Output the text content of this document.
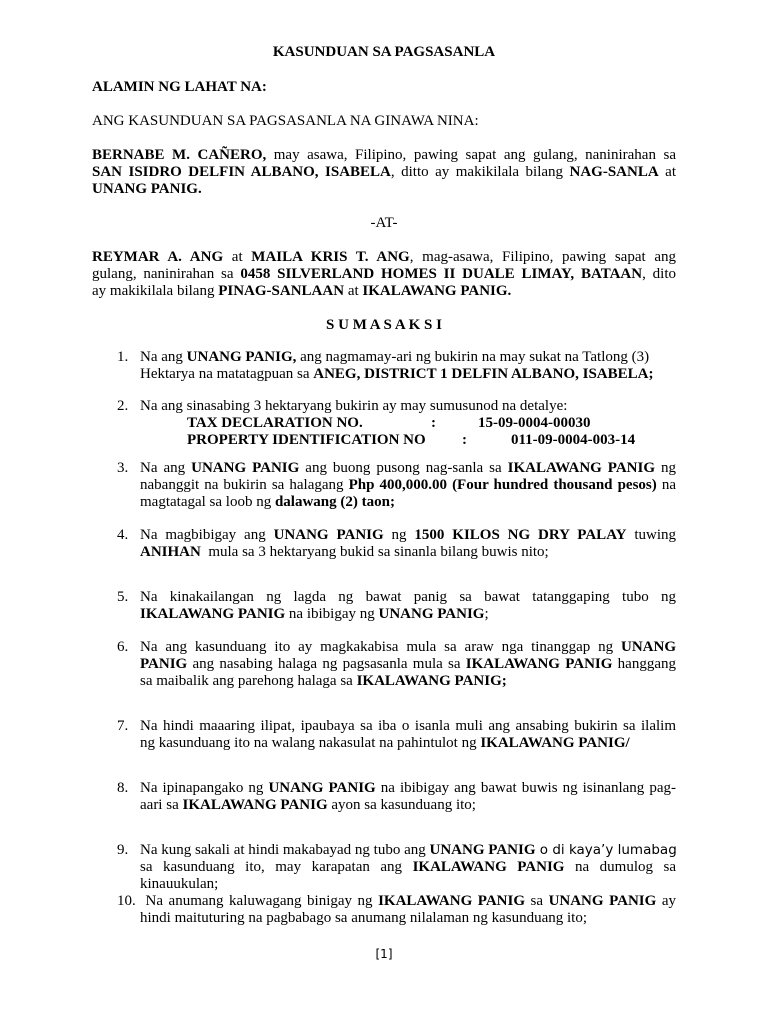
KASUNDUAN SA PAGSASANLA

ALAMIN NG LAHAT NA:

ANG KASUNDUAN SA PAGSASANLA NA GINAWA NINA:

BERNABE M. CAÑERO, may asawa, Filipino, pawing sapat ang gulang, naninirahan sa

SAN ISIDRO DELFIN ALBANO, ISABELA, ditto ay makikilala bilang NAG-SANLA at

UNANG PANIG.

-AT-

REYMAR A. ANG at MAILA KRIS T. ANG, mag-asawa, Filipino, pawing sapat ang

gulang, naninirahan sa 0458 SILVERLAND HOMES II DUALE LIMAY, BATAAN, dito

ay makikilala bilang PINAG-SANLAAN at IKALAWANG PANIG.

S U M A S A K S I

1. Na ang UNANG PANIG, ang nagmamay-ari ng bukirin na may sukat na Tatlong (3)

Hektarya na matatagpuan sa ANEG, DISTRICT 1 DELFIN ALBANO, ISABELA;

2. Na ang sinasabing 3 hektaryang bukirin ay may sumusunod na detalye:

TAX DECLARATION NO.	:	15-09-0004-00030

PROPERTY IDENTIFICATION NO :	011-09-0004-003-14

3. Na ang UNANG PANIG ang buong pusong nag-sanla sa IKALAWANG PANIG ng

nabanggit na bukirin sa halagang Php 400,000.00 (Four hundred thousand pesos) na

magtatagal sa loob ng dalawang (2) taon;

4. Na magbibigay ang UNANG PANIG ng 1500 KILOS NG DRY PALAY tuwing

ANIHAN  mula sa 3 hektaryang bukid sa sinanla bilang buwis nito;

5. Na kinakailangan ng lagda ng bawat panig sa bawat tatanggaping tubo ng

IKALAWANG PANIG na ibibigay ng UNANG PANIG;

6. Na ang kasunduang ito ay magkakabisa mula sa araw nga tinanggap ng UNANG

PANIG ang nasabing halaga ng pagsasanla mula sa IKALAWANG PANIG hanggang

sa maibalik ang parehong halaga sa IKALAWANG PANIG;

7. Na hindi maaaring ilipat, ipaubaya sa iba o isanla muli ang ansabing bukirin sa ilalim

ng kasunduang ito na walang nakasulat na pahintulot ng IKALAWANG PANIG/

8. Na ipinapangako ng UNANG PANIG na ibibigay ang bawat buwis ng isinanlang pag-

aari sa IKALAWANG PANIG ayon sa kasunduang ito;

9. Na kung sakali at hindi makabayad ng tubo ang UNANG PANIG o di kaya’y lumabag

sa kasunduang ito, may karapatan ang IKALAWANG PANIG na dumulog sa

kinauukulan;

10. Na anumang kaluwagang binigay ng IKALAWANG PANIG sa UNANG PANIG ay

hindi maituturing na pagbabago sa anumang nilalaman ng kasunduang ito;

[1]
